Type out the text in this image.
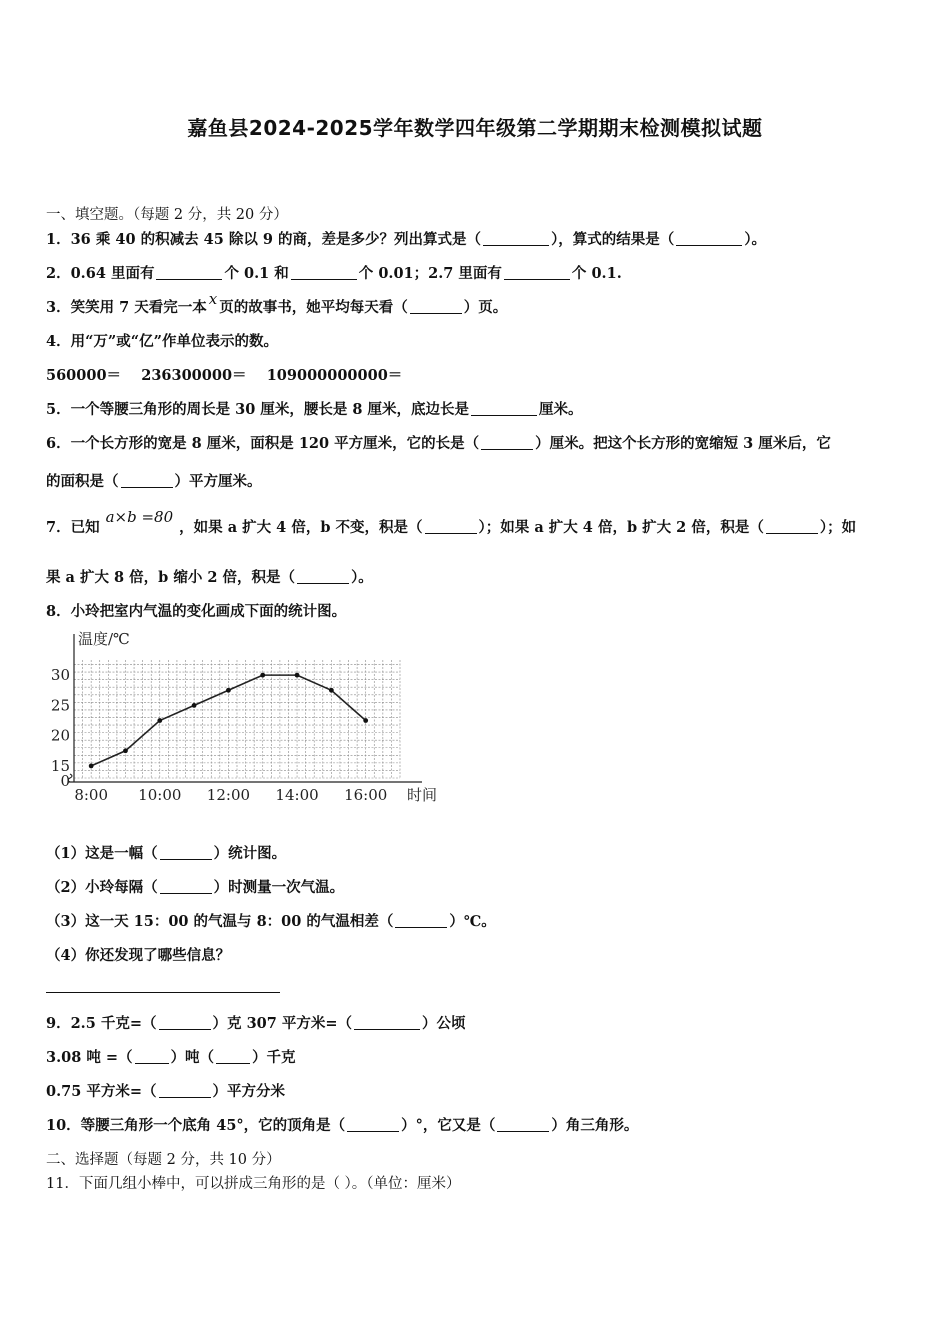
嘉鱼县2024-2025学年数学四年级第二学期期末检测模拟试题
一、填空题。（每题 2 分，共 20 分）
1．36 乘 40 的积减去 45 除以 9 的商，差是多少？列出算式是（	），算式的结果是（	）。
2．0.64 里面有	个 0.1 和	个 0.01；2.7 里面有	个 0.1.
3．笑笑用 7 天看完一本 x 页的故事书，她平均每天看（	）页。
4．用“万”或“亿”作单位表示的数。
560000＝    236300000＝    109000000000＝
5．一个等腰三角形的周长是 30 厘米，腰长是 8 厘米，底边长是	厘米。
6．一个长方形的宽是 8 厘米，面积是 120 平方厘米，它的长是（	）厘米。把这个长方形的宽缩短 3 厘米后，它
的面积是（	）平方厘米。
7．已知a×b =80，如果 a 扩大 4 倍，b 不变，积是（	）；如果 a 扩大 4 倍，b 扩大 2 倍，积是（	）；如
果 a 扩大 8 倍，b 缩小 2 倍，积是（	）。
8．小玲把室内气温的变化画成下面的统计图。
温度/℃
0
15
20
25
30
8:00 10:00 12:00 14:00 16:00 时间
（1）这是一幅（	）统计图。
（2）小玲每隔（	）时测量一次气温。
（3）这一天 15：00 的气温与 8：00 的气温相差（	）℃。
（4）你还发现了哪些信息？
9．2.5 千克=（	）克 307 平方米=（	）公顷
3.08 吨 =（	）吨（	）千克
0.75 平方米=（	）平方分米
10．等腰三角形一个底角 45°，它的顶角是（	）°，它又是（	）角三角形。
二、选择题（每题 2 分，共 10 分）
11．下面几组小棒中，可以拼成三角形的是（ ）。（单位：厘米）
